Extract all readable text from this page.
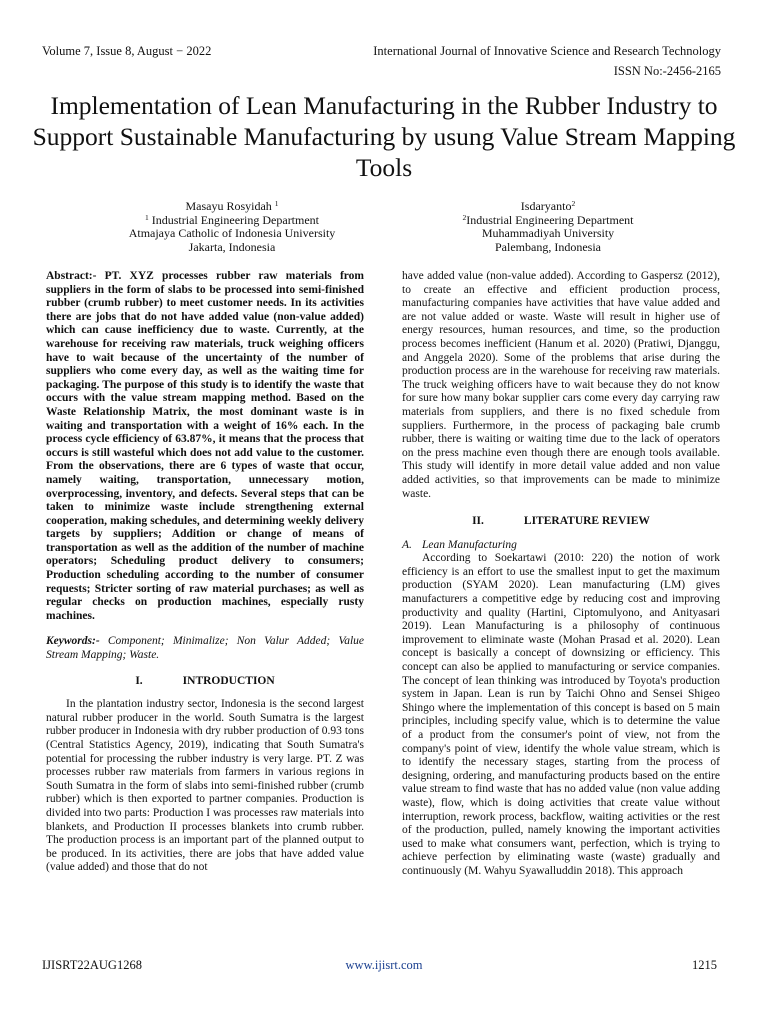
Volume 7, Issue 8, August − 2022	International Journal of Innovative Science and Research Technology
ISSN No:-2456-2165
Implementation of Lean Manufacturing in the Rubber Industry to Support Sustainable Manufacturing by usung Value Stream Mapping Tools
Masayu Rosyidah $^1$
$^1$ Industrial Engineering Department
Atmajaya Catholic of Indonesia University
Jakarta, Indonesia
Isdaryanto$^2$
$^2$Industrial Engineering Department
Muhammadiyah University
Palembang, Indonesia

Abstract:- PT. XYZ processes rubber raw materials from suppliers in the form of slabs to be processed into semi-finished rubber (crumb rubber) to meet customer needs. In its activities there are jobs that do not have added value (non-value added) which can cause inefficiency due to waste. Currently, at the warehouse for receiving raw materials, truck weighing officers have to wait because of the uncertainty of the number of suppliers who come every day, as well as the waiting time for packaging. The purpose of this study is to identify the waste that occurs with the value stream mapping method. Based on the Waste Relationship Matrix, the most dominant waste is in waiting and transportation with a weight of 16% each. In the process cycle efficiency of 63.87%, it means that the process that occurs is still wasteful which does not add value to the customer. From the observations, there are 6 types of waste that occur, namely waiting, transportation, unnecessary motion, overprocessing, inventory, and defects. Several steps that can be taken to minimize waste include strengthening external cooperation, making schedules, and determining weekly delivery targets by suppliers; Addition or change of means of transportation as well as the addition of the number of machine operators; Scheduling product delivery to consumers; Production scheduling according to the number of consumer requests; Stricter sorting of raw material purchases; as well as regular checks on production machines, especially rusty machines.

Keywords:- Component; Minimalize; Non Valur Added; Value Stream Mapping; Waste.

I.	INTRODUCTION

In the plantation industry sector, Indonesia is the second largest natural rubber producer in the world. South Sumatra is the largest rubber producer in Indonesia with dry rubber production of 0.93 tons (Central Statistics Agency, 2019), indicating that South Sumatra's potential for processing the rubber industry is very large. PT. Z was processes rubber raw materials from farmers in various regions in South Sumatra in the form of slabs into semi-finished rubber (crumb rubber) which is then exported to partner companies. Production is divided into two parts: Production I was processes raw materials into blankets, and Production II processes blankets into crumb rubber. The production process is an important part of the planned output to be produced. In its activities, there are jobs that have added value (value added) and those that do not

have added value (non-value added). According to Gaspersz (2012), to create an effective and efficient production process, manufacturing companies have activities that have value added and are not value added or waste. Waste will result in higher use of energy resources, human resources, and time, so the production process becomes inefficient (Hanum et al. 2020) (Pratiwi, Djanggu, and Anggela 2020). Some of the problems that arise during the production process are in the warehouse for receiving raw materials. The truck weighing officers have to wait because they do not know for sure how many bokar supplier cars come every day carrying raw materials from suppliers, and there is no fixed schedule from suppliers. Furthermore, in the process of packaging bale crumb rubber, there is waiting or waiting time due to the lack of operators on the press machine even though there are enough tools available. This study will identify in more detail value added and non value added activities, so that improvements can be made to minimize waste.

II.	LITERATURE REVIEW

A. Lean Manufacturing

According to Soekartawi (2010: 220) the notion of work efficiency is an effort to use the smallest input to get the maximum production (SYAM 2020). Lean manufacturing (LM) gives manufacturers a competitive edge by reducing cost and improving productivity and quality (Hartini, Ciptomulyono, and Anityasari 2019). Lean Manufacturing is a philosophy of continuous improvement to eliminate waste (Mohan Prasad et al. 2020). Lean concept is basically a concept of downsizing or efficiency. This concept can also be applied to manufacturing or service companies. The concept of lean thinking was introduced by Toyota's production system in Japan. Lean is run by Taichi Ohno and Sensei Shigeo Shingo where the implementation of this concept is based on 5 main principles, including specify value, which is to determine the value of a product from the consumer's point of view, not from the company's point of view, identify the whole value stream, which is to identify the necessary stages, starting from the process of designing, ordering, and manufacturing products based on the entire value stream to find waste that has no added value (non value adding waste), flow, which is doing activities that create value without interruption, rework process, backflow, waiting activities or the rest of the production, pulled, namely knowing the important activities used to make what consumers want, perfection, which is trying to achieve perfection by eliminating waste (waste) gradually and continuously (M. Wahyu Syawalluddin 2018). This approach

IJISRT22AUG1268	www.ijisrt.com	1215
